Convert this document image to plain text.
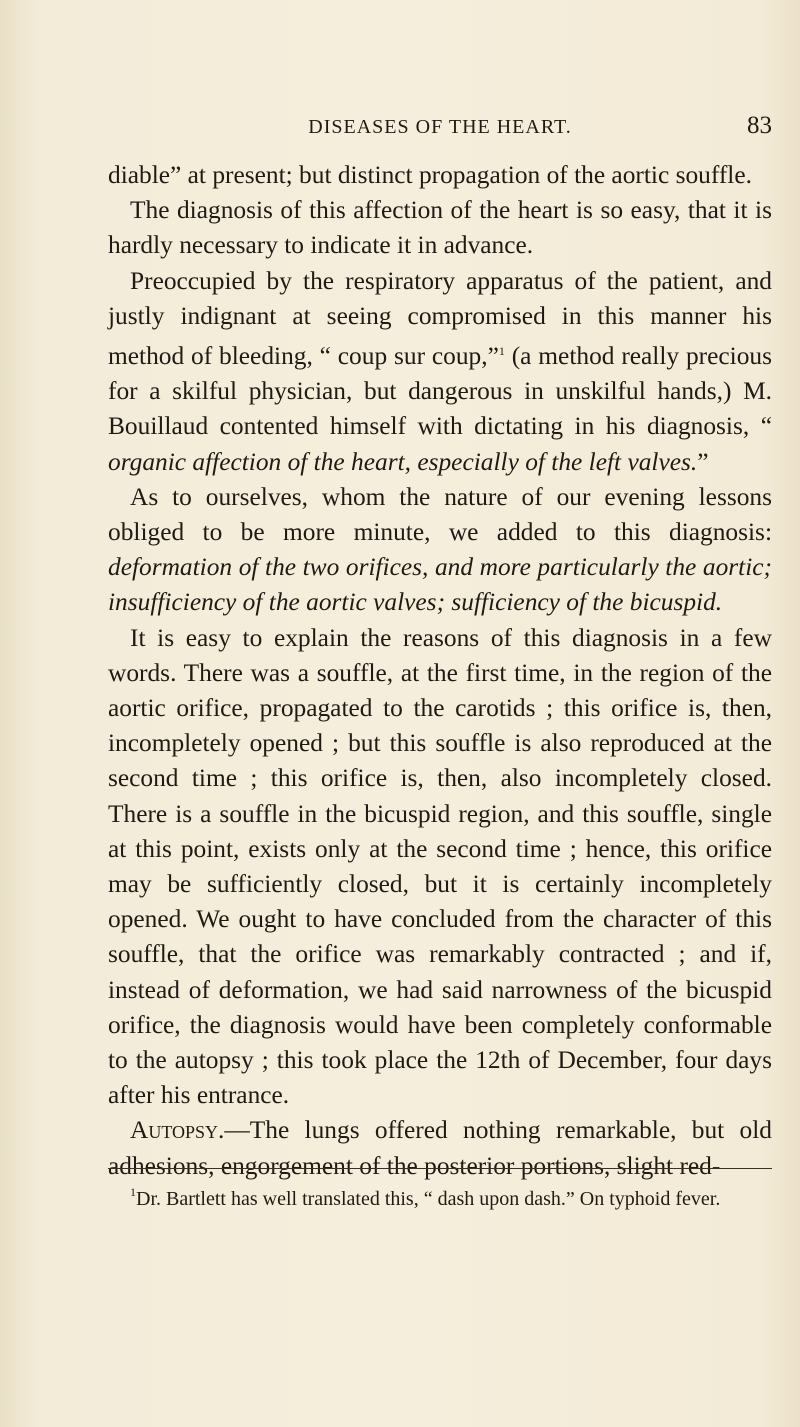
DISEASES OF THE HEART.	83

diable” at present; but distinct propagation of the aortic souffle.

The diagnosis of this affection of the heart is so easy, that it is hardly necessary to indicate it in advance.

Preoccupied by the respiratory apparatus of the patient, and justly indignant at seeing compromised in this manner his method of bleeding, “ coup sur coup,”$^1$ (a method really precious for a skilful physician, but dangerous in unskilful hands,) M. Bouillaud contented himself with dictating in his diagnosis, “ organic affection of the heart, especially of the left valves.”

As to ourselves, whom the nature of our evening lessons obliged to be more minute, we added to this diagnosis: deformation of the two orifices, and more particularly the aortic; insufficiency of the aortic valves; sufficiency of the bicuspid.

It is easy to explain the reasons of this diagnosis in a few words. There was a souffle, at the first time, in the region of the aortic orifice, propagated to the carotids ; this orifice is, then, incompletely opened ; but this souffle is also reproduced at the second time ; this orifice is, then, also incompletely closed. There is a souffle in the bicuspid region, and this souffle, single at this point, exists only at the second time ; hence, this orifice may be sufficiently closed, but it is certainly incompletely opened. We ought to have concluded from the character of this souffle, that the orifice was remarkably contracted ; and if, instead of deformation, we had said narrowness of the bicuspid orifice, the diagnosis would have been completely conformable to the autopsy ; this took place the 12th of December, four days after his entrance.

Autopsy.—The lungs offered nothing remarkable, but old adhesions, engorgement of the posterior portions, slight red-

$^1$Dr. Bartlett has well translated this, “ dash upon dash.” On typhoid fever.
